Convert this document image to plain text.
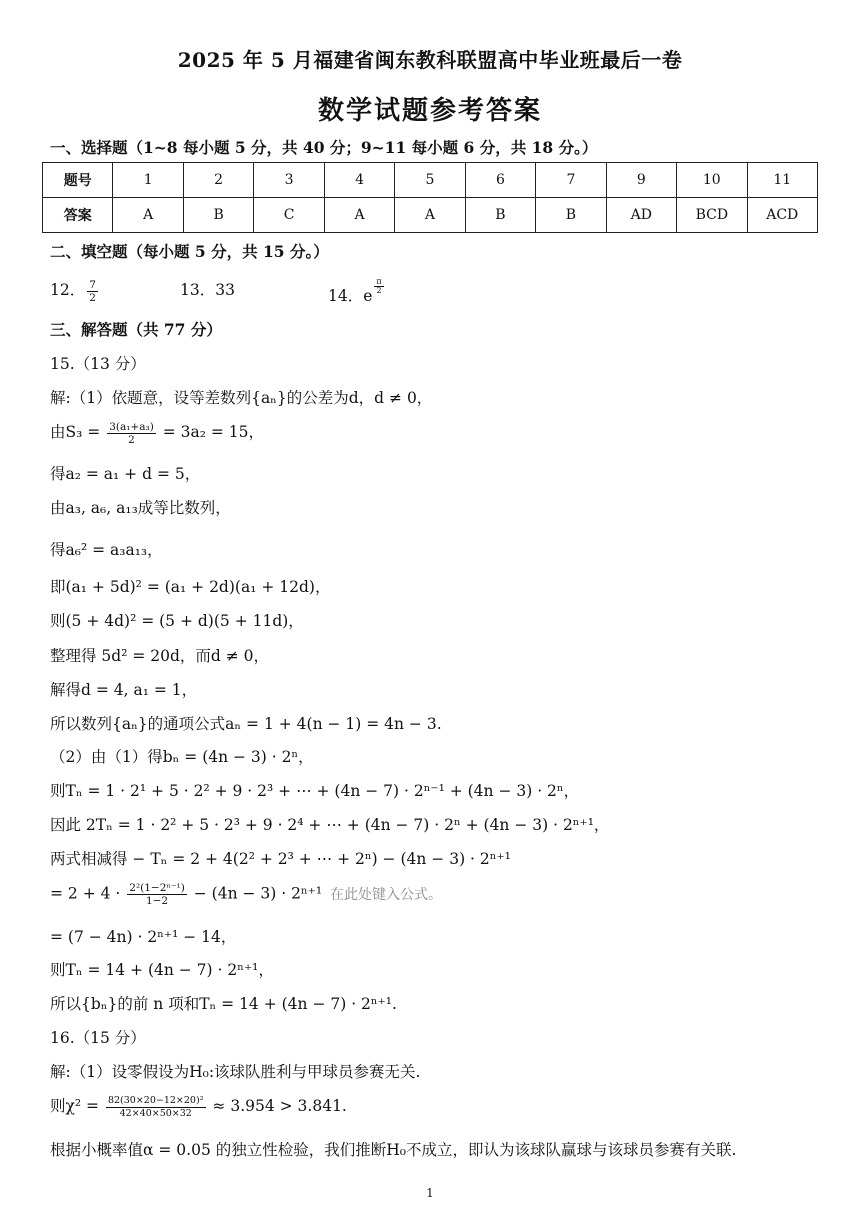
2025 年 5 月福建省闽东教科联盟高中毕业班最后一卷
数学试题参考答案
一、选择题（1~8 每小题 5 分，共 40 分；9~11 每小题 6 分，共 18 分。）
题号	1	2	3	4	5	6	7	9	10	11
答案	A	B	C	A	A	B	B	AD	BCD	ACD
二、填空题（每小题 5 分，共 15 分。）
12． $\frac{7}{2}$	13．33	14．e
$\frac{\pi}{2}$
三、解答题（共 77 分）
15.（13 分）
解:（1）依题意，设等差数列{aₙ}的公差为d，d ≠ 0，
由$S_3 = \frac{\text{3(a₁+a₃)}}{2} = 3a_2 = 15$，
得a₂ = a₁ + d = 5，
由a₃, a₆, a₁₃成等比数列，
得a₆² = a₃a₁₃，
即(a₁ + 5d)² = (a₁ + 2d)(a₁ + 12d)，
则(5 + 4d)² = (5 + d)(5 + 11d)，
整理得 5d² = 20d，而d ≠ 0，
解得d = 4, a₁ = 1，
所以数列{aₙ}的通项公式aₙ = 1 + 4(n − 1) = 4n − 3.
（2）由（1）得bₙ = (4n − 3) · 2ⁿ，
则Tₙ = 1 · 2¹ + 5 · 2² + 9 · 2³ + ⋯ + (4n − 7) · 2ⁿ⁻¹ + (4n − 3) · 2ⁿ，
因此 2Tₙ = 1 · 2² + 5 · 2³ + 9 · 2⁴ + ⋯ + (4n − 7) · 2ⁿ + (4n − 3) · 2ⁿ⁺¹，
两式相减得 − Tₙ = 2 + 4(2² + 2³ + ⋯ + 2ⁿ) − (4n − 3) · 2ⁿ⁺¹
= $2 + 4 \cdot \frac{\text{2²(1−2ⁿ⁻¹)}}{1-2} - (4n - 3) \cdot 2^{n+1}$ 在此处键入公式。
= (7 − 4n) · 2ⁿ⁺¹ − 14，
则Tₙ = 14 + (4n − 7) · 2ⁿ⁺¹，
所以{bₙ}的前 n 项和Tₙ = 14 + (4n − 7) · 2ⁿ⁺¹.
16.（15 分）
解:（1）设零假设为H₀:该球队胜利与甲球员参赛无关.
则$\chi^2 = \frac{\text{82(30×20−12×20)²}}{42\times 40\times 50\times 32} \approx 3.954 > 3.841$.
根据小概率值α = 0.05 的独立性检验，我们推断H₀不成立，即认为该球队赢球与该球员参赛有关联.
1
